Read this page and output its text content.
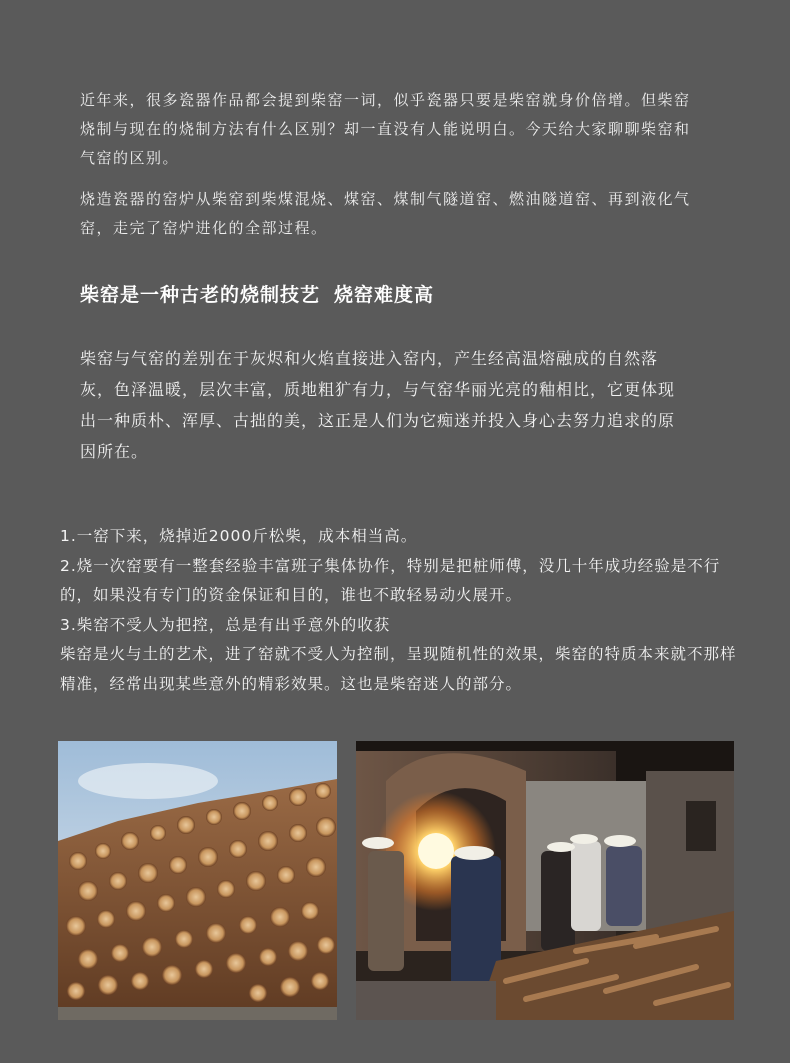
近年来，很多瓷器作品都会提到柴窑一词，似乎瓷器只要是柴窑就身价倍增。但柴窑烧制与现在的烧制方法有什么区别？却一直没有人能说明白。今天给大家聊聊柴窑和气窑的区别。

烧造瓷器的窑炉从柴窑到柴煤混烧、煤窑、煤制气隧道窑、燃油隧道窑、再到液化气窑，走完了窑炉进化的全部过程。

柴窑是一种古老的烧制技艺 烧窑难度高

柴窑与气窑的差别在于灰烬和火焰直接进入窑内，产生经高温熔融成的自然落灰，色泽温暖，层次丰富，质地粗犷有力，与气窑华丽光亮的釉相比，它更体现出一种质朴、浑厚、古拙的美，这正是人们为它痴迷并投入身心去努力追求的原因所在。

1.一窑下来，烧掉近2000斤松柴，成本相当高。
2.烧一次窑要有一整套经验丰富班子集体协作，特别是把桩师傅，没几十年成功经验是不行的，如果没有专门的资金保证和目的，谁也不敢轻易动火展开。
3.柴窑不受人为把控，总是有出乎意外的收获
柴窑是火与土的艺术，进了窑就不受人为控制，呈现随机性的效果，柴窑的特质本来就不那样精准，经常出现某些意外的精彩效果。这也是柴窑迷人的部分。
